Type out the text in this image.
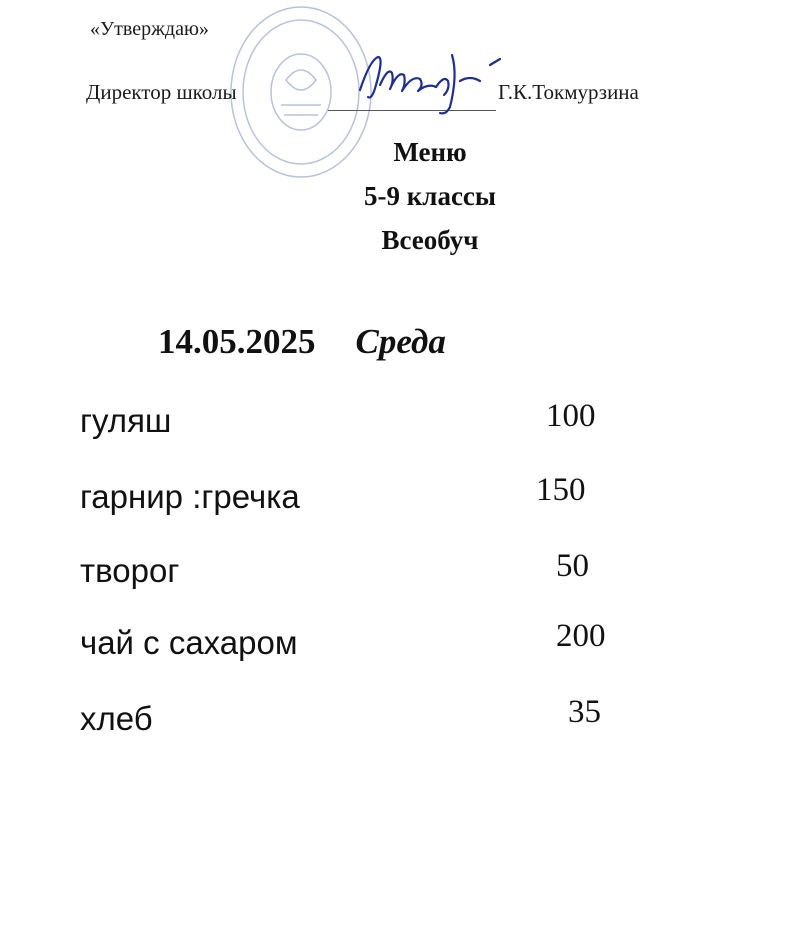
«Утверждаю»
Директор школы	Г.К.Токмурзина
Меню
5-9 классы
Всеобуч
14.05.2025 Среда
гуляш	100
гарнир :гречка	150
творог	50
чай с сахаром	200
хлеб	35
